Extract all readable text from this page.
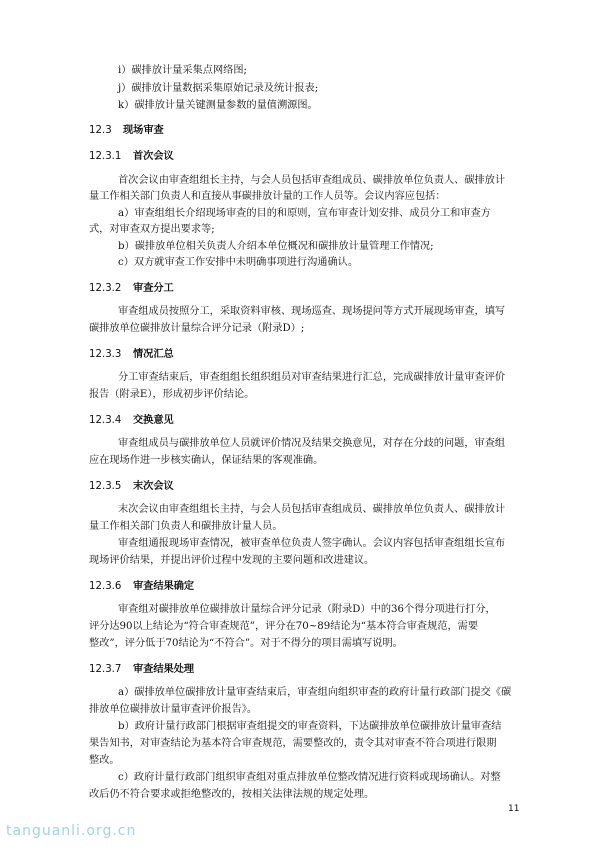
i）碳排放计量采集点网络图;
j）碳排放计量数据采集原始记录及统计报表;
k）碳排放计量关键测量参数的量值溯源图。
12.3 现场审查
12.3.1 首次会议
首次会议由审查组组长主持，与会人员包括审查组成员、碳排放单位负责人、碳排放计
量工作相关部门负责人和直接从事碳排放计量的工作人员等。会议内容应包括：
a）审查组组长介绍现场审查的目的和原则，宣布审查计划安排、成员分工和审查方
式，对审查双方提出要求等;
b）碳排放单位相关负责人介绍本单位概况和碳排放计量管理工作情况;
c）双方就审查工作安排中未明确事项进行沟通确认。
12.3.2 审查分工
审查组成员按照分工，采取资料审核、现场巡查、现场提问等方式开展现场审查，填写
碳排放单位碳排放计量综合评分记录（附录D）;
12.3.3 情况汇总
分工审查结束后，审查组组长组织组员对审查结果进行汇总，完成碳排放计量审查评价
报告（附录E），形成初步评价结论。
12.3.4 交换意见
审查组成员与碳排放单位人员就评价情况及结果交换意见，对存在分歧的问题，审查组
应在现场作进一步核实确认，保证结果的客观准确。
12.3.5 末次会议
末次会议由审查组组长主持，与会人员包括审查组成员、碳排放单位负责人、碳排放计
量工作相关部门负责人和碳排放计量人员。
审查组通报现场审查情况，被审查单位负责人签字确认。会议内容包括审查组组长宣布
现场评价结果，并提出评价过程中发现的主要问题和改进建议。
12.3.6 审查结果确定
审查组对碳排放单位碳排放计量综合评分记录（附录D）中的36个得分项进行打分，
评分达90以上结论为“符合审查规范”，评分在70~89结论为“基本符合审查规范，需要
整改”，评分低于70结论为“不符合”。对于不得分的项目需填写说明。
12.3.7 审查结果处理
a）碳排放单位碳排放计量审查结束后，审查组向组织审查的政府计量行政部门提交《碳
排放单位碳排放计量审查评价报告》。
b）政府计量行政部门根据审查组提交的审查资料，下达碳排放单位碳排放计量审查结
果告知书，对审查结论为基本符合审查规范，需要整改的，责令其对审查不符合项进行限期
整改。
c）政府计量行政部门组织审查组对重点排放单位整改情况进行资料或现场确认。对整
改后仍不符合要求或拒绝整改的，按相关法律法规的规定处理。
11
tanguanli.org.cn
